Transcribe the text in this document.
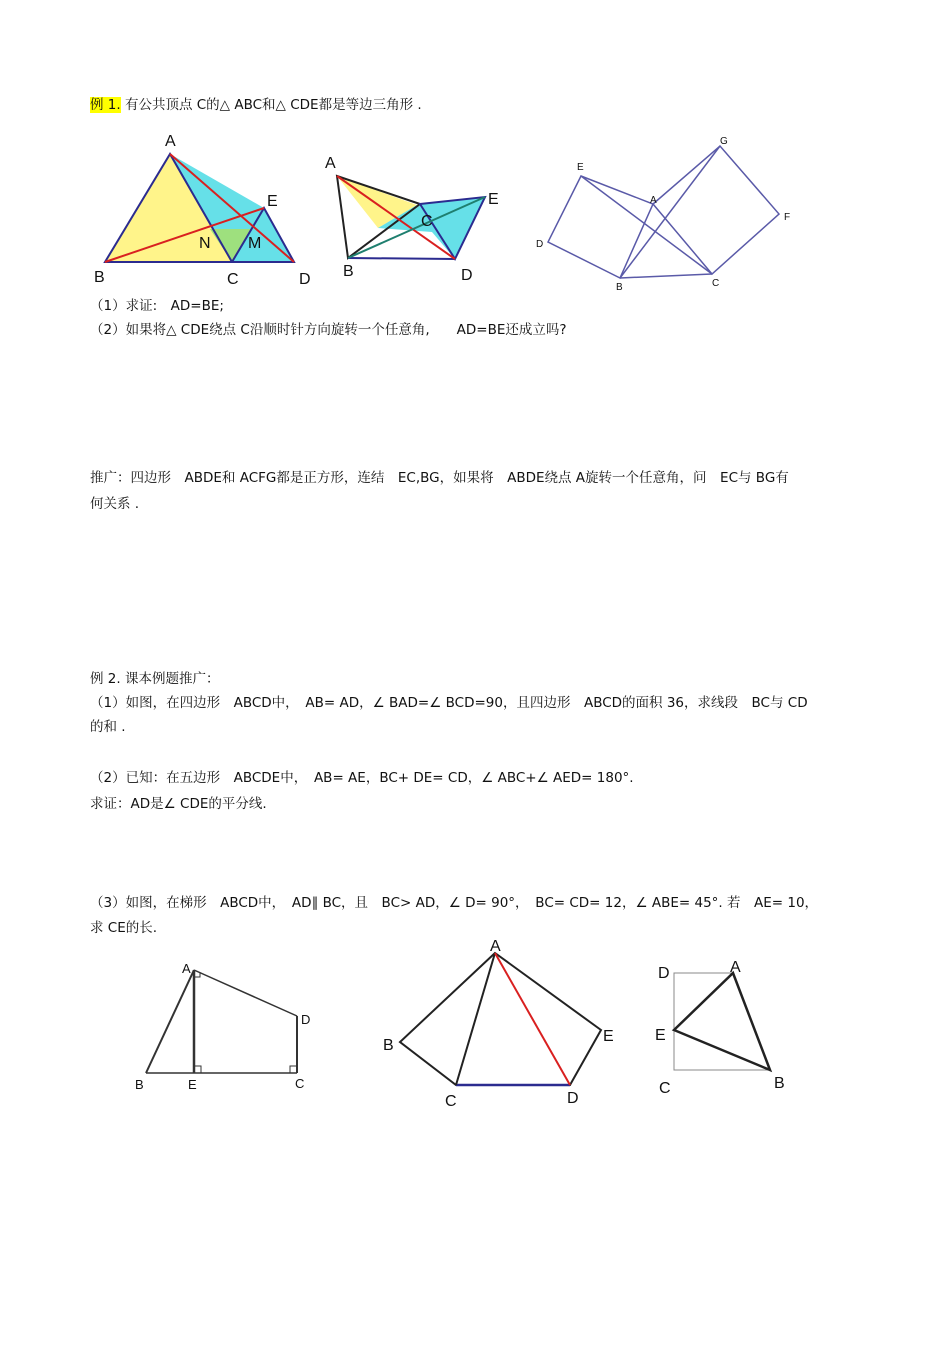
例 1. 有公共顶点 C的△ ABC和△ CDE都是等边三角形 .
（1）求证:　AD=BE;
（2）如果将△ CDE绕点 C沿顺时针方向旋转一个任意角,　　AD=BE还成立吗?
推广：四边形　ABDE和 ACFG都是正方形，连结　EC,BG，如果将　ABDE绕点 A旋转一个任意角，问　EC与 BG有
何关系 .
例 2. 课本例题推广：
（1）如图，在四边形　ABCD中，　AB= AD，∠ BAD=∠ BCD=90，且四边形　ABCD的面积 36，求线段　BC与 CD
的和 .
（2）已知：在五边形　ABCDE中，　AB= AE，BC+ DE= CD，∠ ABC+∠ AED= 180°.
求证：AD是∠ CDE的平分线.
（3）如图，在梯形　ABCD中，　AD∥ BC，且　BC> AD，∠ D= 90°，　BC= CD= 12，∠ ABE= 45°. 若　AE= 10，
求 CE的长.
A
B	C	D
E
N M
A
B
C
D
E	A
B	C
D
E
F
G
A
B	E	C
D
A
B
C	D
E
D	A
E
C	B
